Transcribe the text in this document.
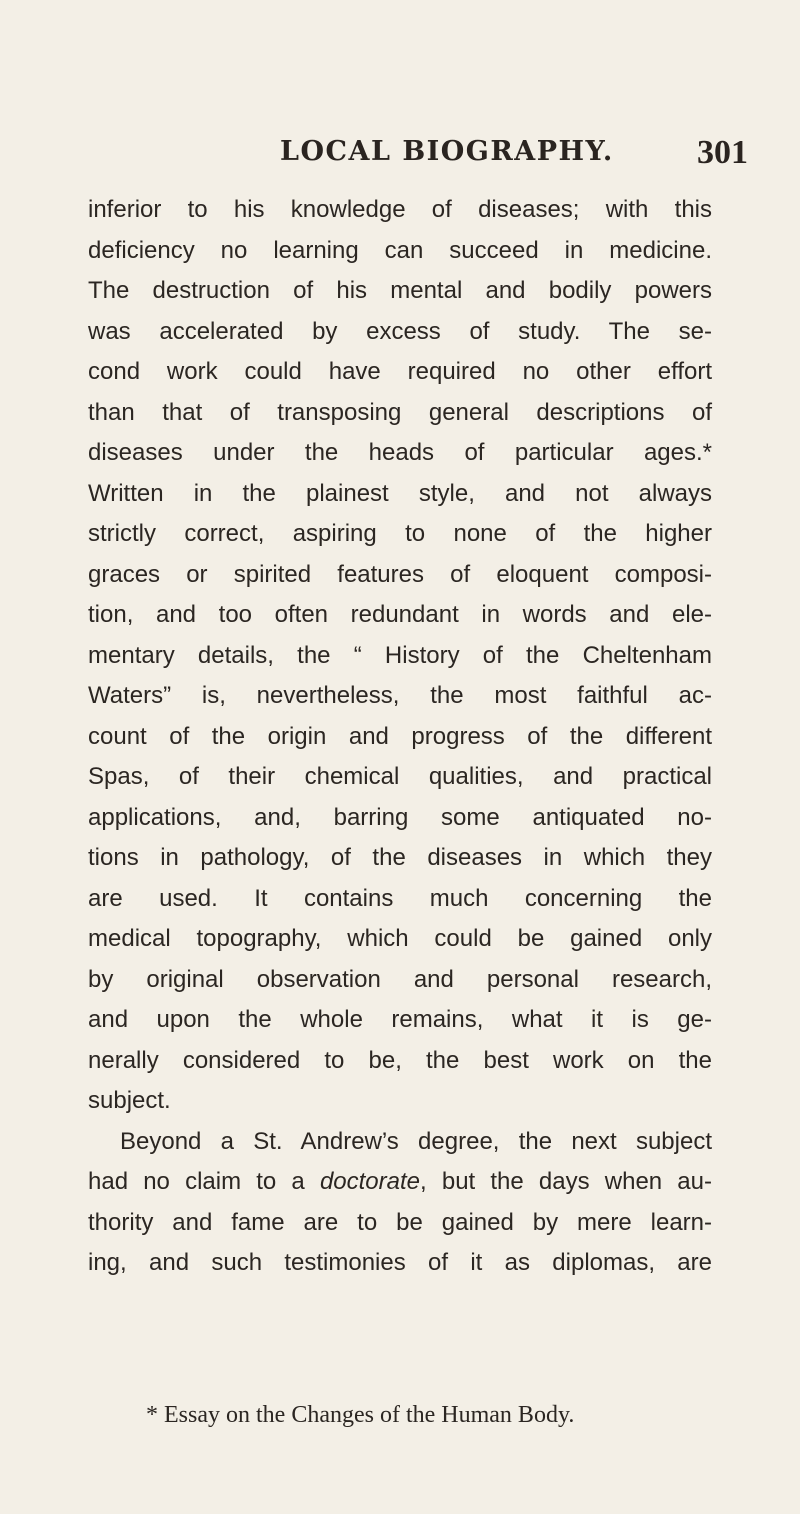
LOCAL BIOGRAPHY. 301
inferior to his knowledge of diseases; with this
deficiency no learning can succeed in medicine.
The destruction of his mental and bodily powers
was accelerated by excess of study. The se-
cond work could have required no other effort
than that of transposing general descriptions of
diseases under the heads of particular ages.*
Written in the plainest style, and not always
strictly correct, aspiring to none of the higher
graces or spirited features of eloquent composi-
tion, and too often redundant in words and ele-
mentary details, the “ History of the Cheltenham
Waters” is, nevertheless, the most faithful ac-
count of the origin and progress of the different
Spas, of their chemical qualities, and practical
applications, and, barring some antiquated no-
tions in pathology, of the diseases in which they
are used. It contains much concerning the
medical topography, which could be gained only
by original observation and personal research,
and upon the whole remains, what it is ge-
nerally considered to be, the best work on the
subject.
Beyond a St. Andrew’s degree, the next subject
had no claim to a doctorate, but the days when au-
thority and fame are to be gained by mere learn-
ing, and such testimonies of it as diplomas, are
* Essay on the Changes of the Human Body.
